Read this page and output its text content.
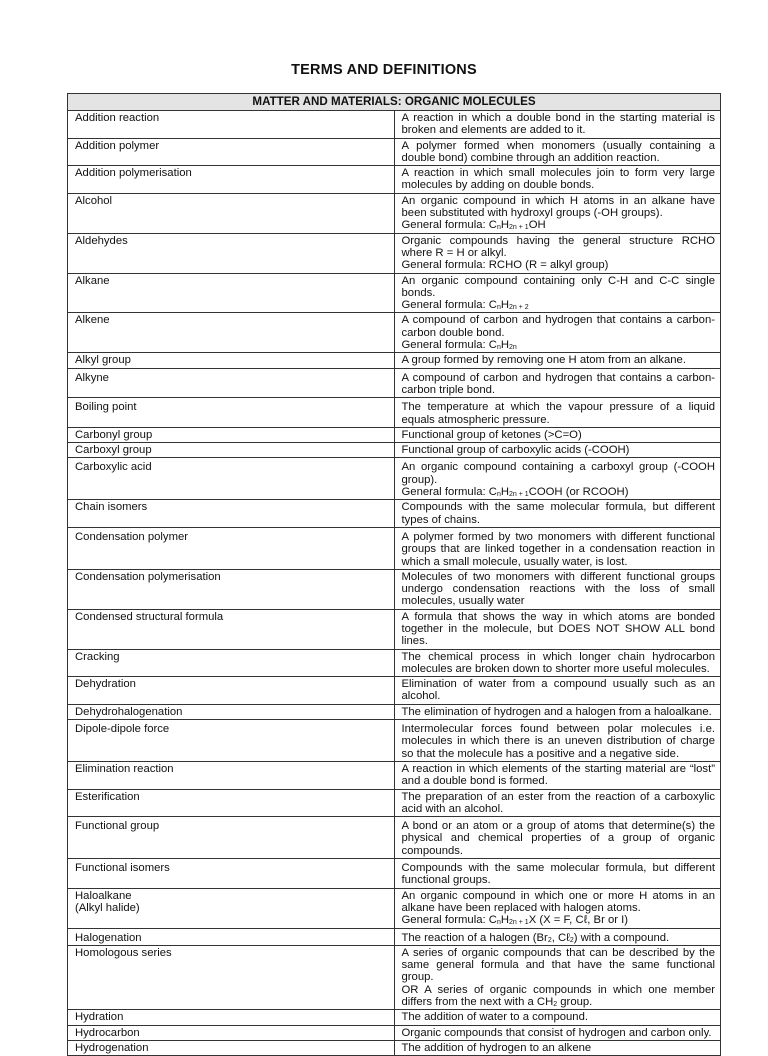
TERMS AND DEFINITIONS
MATTER AND MATERIALS: ORGANIC MOLECULES	
Addition reaction	A reaction in which a double bond in the starting material is broken and elements are added to it.

Addition polymer	A polymer formed when monomers (usually containing a double bond) combine through an addition reaction.

Addition polymerisation	A reaction in which small molecules join to form very large molecules by adding on double bonds.

Alcohol	An organic compound in which H atoms in an alkane have been substituted with hydroxyl groups (-OH groups).
General formula: $C_nH_{2n + 1}OH$

Aldehydes	Organic compounds having the general structure RCHO where R = H or alkyl.
General formula: RCHO (R = alkyl group)

Alkane	An organic compound containing only C-H and C-C single bonds.
General formula: $C_nH_{2n + 2}$

Alkene	A compound of carbon and hydrogen that contains a carbon-carbon double bond.
General formula: $C_nH_{2n}$

Alkyl group	A group formed by removing one H atom from an alkane.

Alkyne	A compound of carbon and hydrogen that contains a carbon-carbon triple bond.

Boiling point	The temperature at which the vapour pressure of a liquid equals atmospheric pressure.

Carbonyl group	Functional group of ketones (>C=O)

Carboxyl group	Functional group of carboxylic acids (-COOH)

Carboxylic acid	An organic compound containing a carboxyl group (-COOH group).
General formula: $C_nH_{2n + 1}COOH$ (or RCOOH)

Chain isomers	Compounds with the same molecular formula, but different types of chains.

Condensation polymer	A polymer formed by two monomers with different functional groups that are linked together in a condensation reaction in which a small molecule, usually water, is lost.

Condensation polymerisation	Molecules of two monomers with different functional groups undergo condensation reactions with the loss of small molecules, usually water

Condensed structural formula	A formula that shows the way in which atoms are bonded together in the molecule, but DOES NOT SHOW ALL bond lines.

Cracking	The chemical process in which longer chain hydrocarbon molecules are broken down to shorter more useful molecules.

Dehydration	Elimination of water from a compound usually such as an alcohol.

Dehydrohalogenation	The elimination of hydrogen and a halogen from a haloalkane.

Dipole-dipole force	Intermolecular forces found between polar molecules i.e. molecules in which there is an uneven distribution of charge so that the molecule has a positive and a negative side.

Elimination reaction	A reaction in which elements of the starting material are “lost” and a double bond is formed.

Esterification	The preparation of an ester from the reaction of a carboxylic acid with an alcohol.

Functional group	A bond or an atom or a group of atoms that determine(s) the physical and chemical properties of a group of organic compounds.

Functional isomers	Compounds with the same molecular formula, but different functional groups.

Haloalkane
(Alkyl halide)	An organic compound in which one or more H atoms in an alkane have been replaced with halogen atoms.
General formula: $C_nH_{2n + 1}X$ (X = F, Cℓ, Br or I)

Halogenation	The reaction of a halogen ($Br_2$, Cℓ$_2$) with a compound.

Homologous series	A series of organic compounds that can be described by the same general formula and that have the same functional group.
OR A series of organic compounds in which one member differs from the next with a $CH_2$ group.

Hydration	The addition of water to a compound.

Hydrocarbon	Organic compounds that consist of hydrogen and carbon only.

Hydrogenation	The addition of hydrogen to an alkene
